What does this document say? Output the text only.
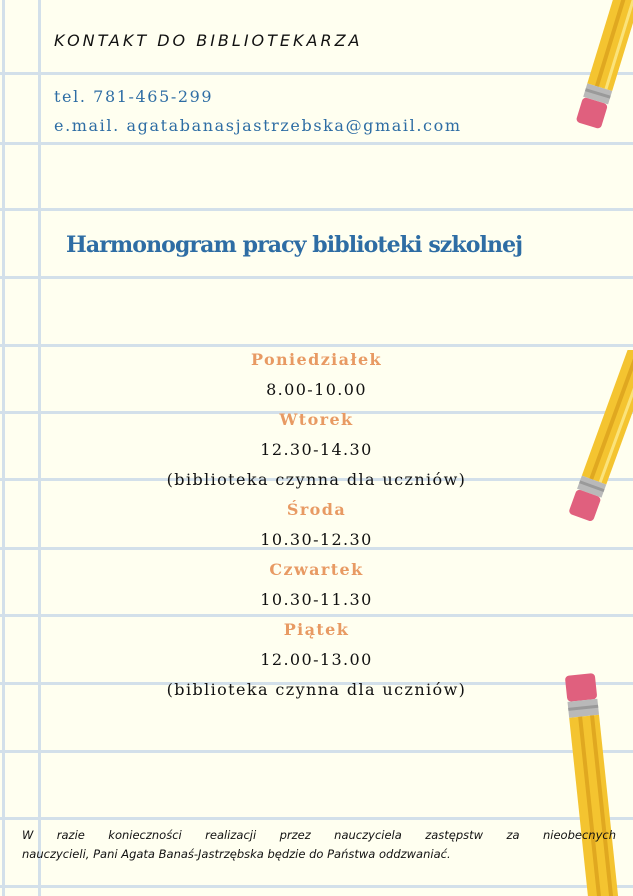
KONTAKT DO BIBLIOTEKARZA

tel. 781-465-299

e.mail. agatabanasjastrzebska@gmail.com

Harmonogram pracy biblioteki szkolnej
Poniedziałek
8.00-10.00
Wtorek
12.30-14.30
(biblioteka czynna dla uczniów)
Środa
10.30-12.30
Czwartek
10.30-11.30
Piątek
12.00-13.00
(biblioteka czynna dla uczniów)

W razie konieczności realizacji przez nauczyciela zastępstw za nieobecnych
nauczycieli, Pani Agata Banaś-Jastrzębska będzie do Państwa oddzwaniać.
